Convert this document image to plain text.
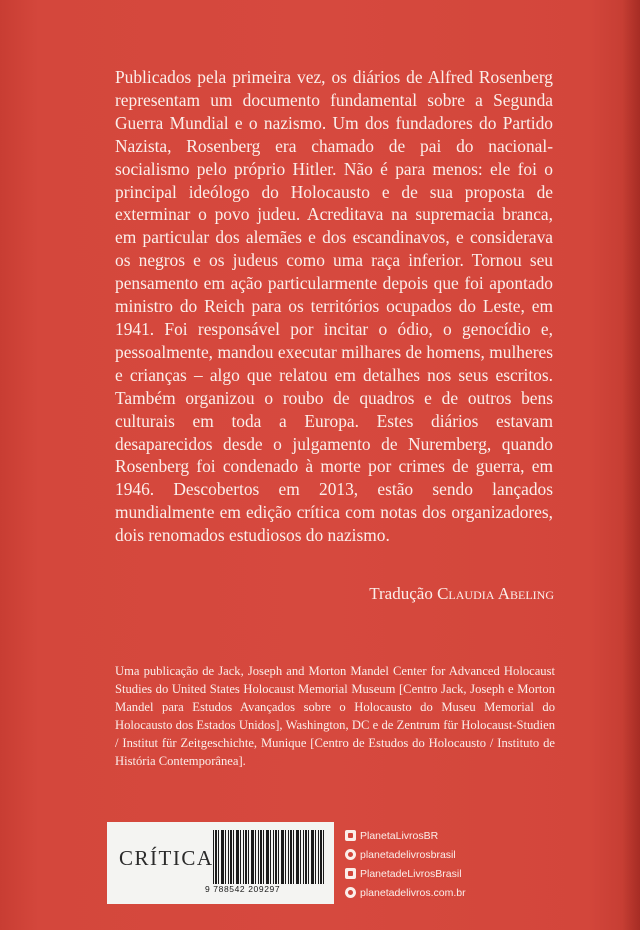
Publicados pela primeira vez, os diários de Alfred Rosenberg representam um documento fundamental sobre a Segunda Guerra Mundial e o nazismo. Um dos fundadores do Partido Nazista, Rosenberg era chamado de pai do nacional-socialismo pelo próprio Hitler. Não é para menos: ele foi o principal ideólogo do Holocausto e de sua proposta de exterminar o povo judeu. Acreditava na supremacia branca, em particular dos alemães e dos escandinavos, e considerava os negros e os judeus como uma raça inferior. Tornou seu pensamento em ação particularmente depois que foi apontado ministro do Reich para os territórios ocupados do Leste, em 1941. Foi responsável por incitar o ódio, o genocídio e, pessoalmente, mandou executar milhares de homens, mulheres e crianças – algo que relatou em detalhes nos seus escritos. Também organizou o roubo de quadros e de outros bens culturais em toda a Europa. Estes diários estavam desaparecidos desde o julgamento de Nuremberg, quando Rosenberg foi condenado à morte por crimes de guerra, em 1946. Descobertos em 2013, estão sendo lançados mundialmente em edição crítica com notas dos organizadores, dois renomados estudiosos do nazismo.

Tradução Claudia Abeling

Uma publicação de Jack, Joseph and Morton Mandel Center for Advanced Holocaust Studies do United States Holocaust Memorial Museum [Centro Jack, Joseph e Morton Mandel para Estudos Avançados sobre o Holocausto do Museu Memorial do Holocausto dos Estados Unidos], Washington, DC e de Zentrum für Holocaust-Studien / Institut für Zeitgeschichte, Munique [Centro de Estudos do Holocausto / Instituto de História Contemporânea].

CRÍTICA
9 788542 209297
PlanetaLivrosBR
planetadelivrosbrasil
PlanetadeLivrosBrasil
planetadelivros.com.br
